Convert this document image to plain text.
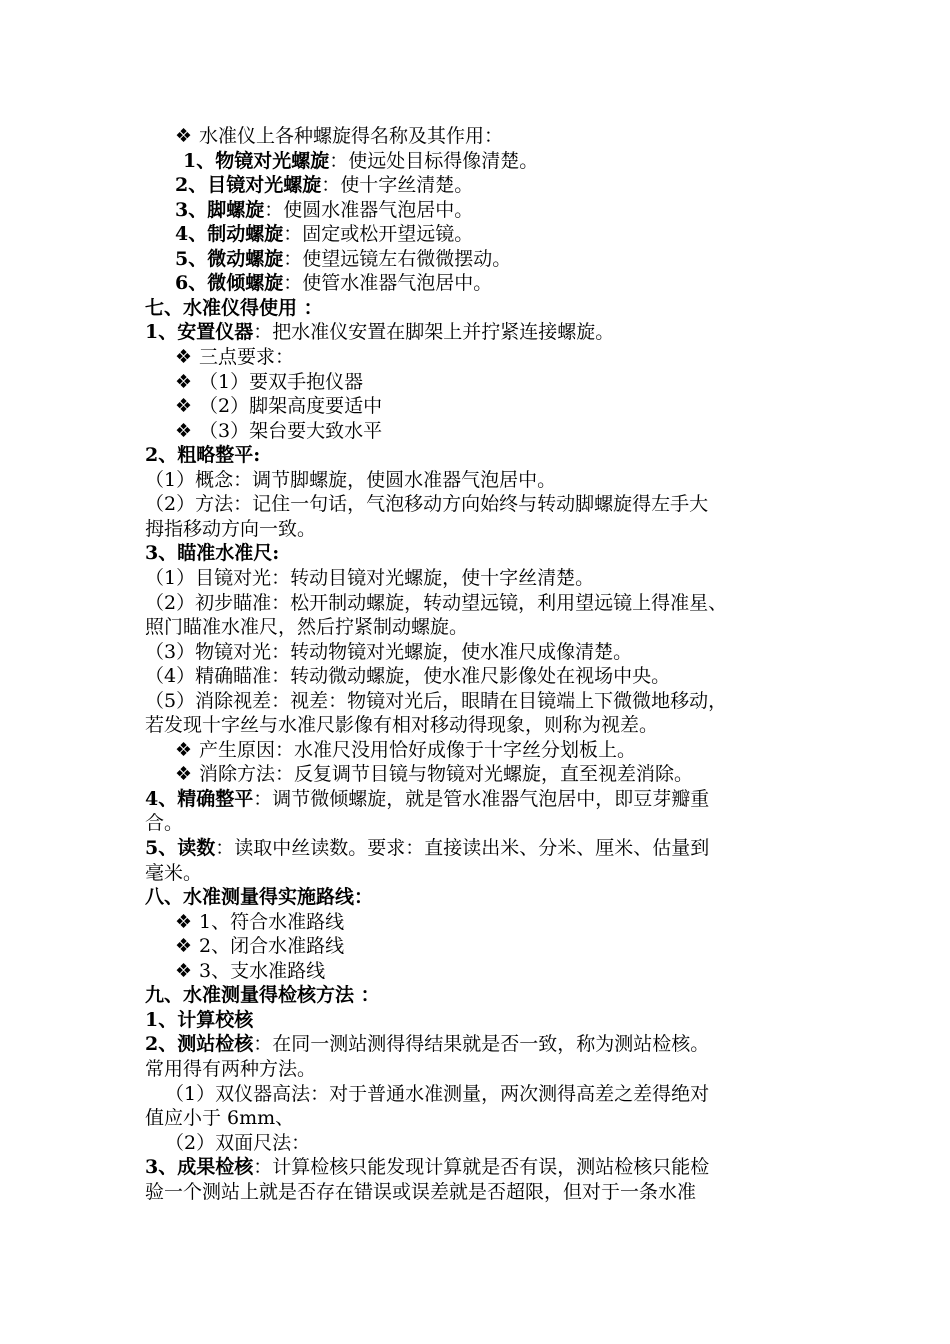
❖ 水准仪上各种螺旋得名称及其作用：
1、物镜对光螺旋：使远处目标得像清楚。
2、目镜对光螺旋：使十字丝清楚。
3、脚螺旋：使圆水准器气泡居中。
4、制动螺旋：固定或松开望远镜。
5、微动螺旋：使望远镜左右微微摆动。
6、微倾螺旋：使管水准器气泡居中。
七、水准仪得使用 ：
1、安置仪器：把水准仪安置在脚架上并拧紧连接螺旋。
❖ 三点要求：
❖ （1）要双手抱仪器
❖ （2）脚架高度要适中
❖ （3）架台要大致水平
2、粗略整平:
（1）概念：调节脚螺旋，使圆水准器气泡居中。
（2）方法：记住一句话，气泡移动方向始终与转动脚螺旋得左手大
拇指移动方向一致。
3、瞄准水准尺:
（1）目镜对光：转动目镜对光螺旋，使十字丝清楚。
（2）初步瞄准：松开制动螺旋，转动望远镜，利用望远镜上得准星、
照门瞄准水准尺，然后拧紧制动螺旋。
（3）物镜对光：转动物镜对光螺旋，使水准尺成像清楚。
（4）精确瞄准：转动微动螺旋，使水准尺影像处在视场中央。
（5）消除视差：视差：物镜对光后，眼睛在目镜端上下微微地移动，
若发现十字丝与水准尺影像有相对移动得现象，则称为视差。
❖ 产生原因：水准尺没用恰好成像于十字丝分划板上。
❖ 消除方法：反复调节目镜与物镜对光螺旋，直至视差消除。
4、精确整平：调节微倾螺旋，就是管水准器气泡居中，即豆芽瓣重
合。
5、读数：读取中丝读数。要求：直接读出米、分米、厘米、估量到
毫米。
八、水准测量得实施路线：
❖ 1、符合水准路线
❖ 2、闭合水准路线
❖ 3、支水准路线
九、水准测量得检核方法 ：
1、计算校核
2、测站检核：在同一测站测得得结果就是否一致，称为测站检核。
常用得有两种方法。
（1）双仪器高法：对于普通水准测量，两次测得高差之差得绝对
值应小于 6mm、
（2）双面尺法：
3、成果检核：计算检核只能发现计算就是否有误，测站检核只能检
验一个测站上就是否存在错误或误差就是否超限，但对于一条水准
